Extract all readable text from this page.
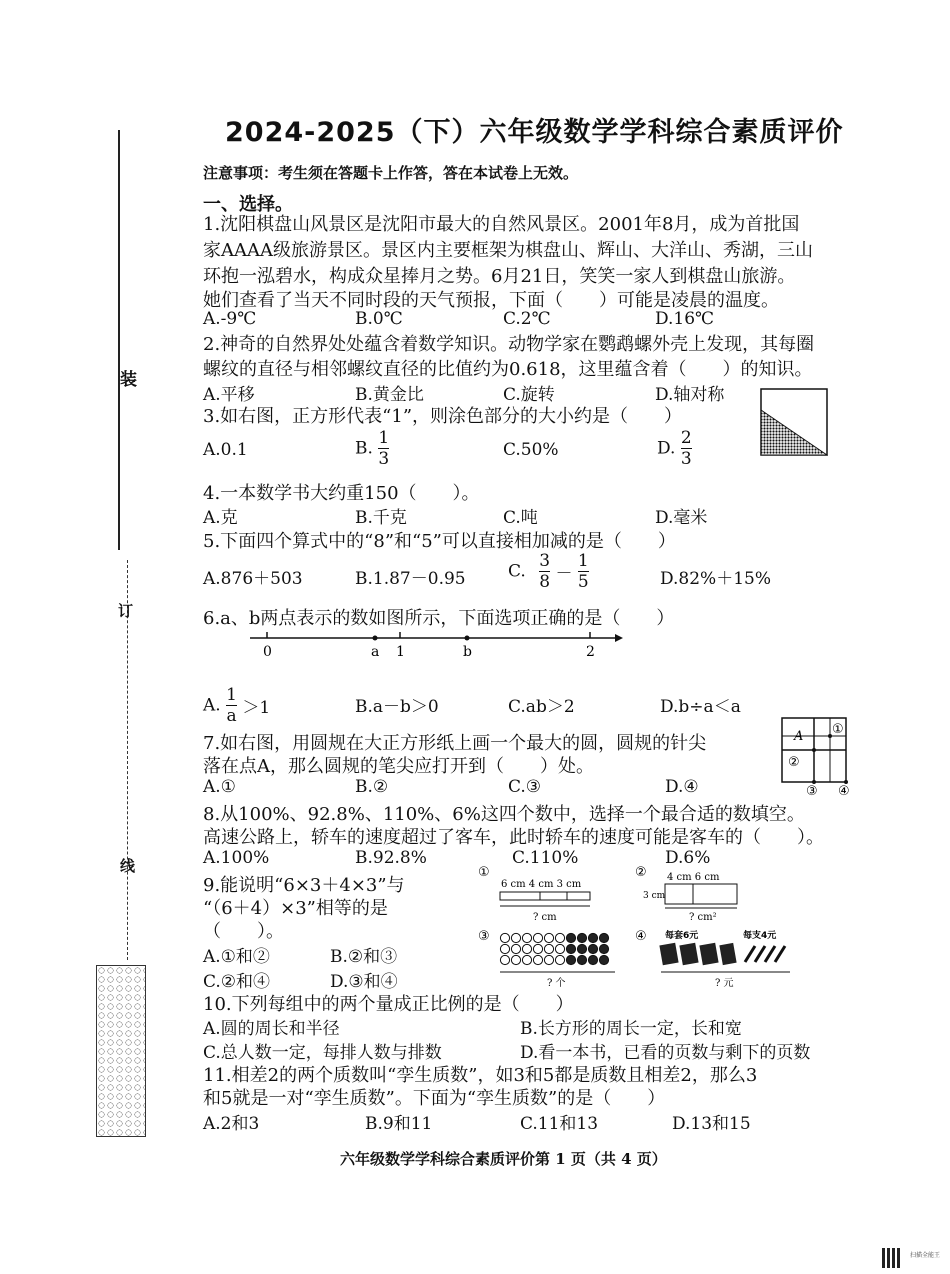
装
订
线
2024-2025（下）六年级数学学科综合素质评价
注意事项：考生须在答题卡上作答，答在本试卷上无效。
一、选择。
1.沈阳棋盘山风景区是沈阳市最大的自然风景区。2001年8月，成为首批国
家AAAA级旅游景区。景区内主要框架为棋盘山、辉山、大洋山、秀湖，三山
环抱一泓碧水，构成众星捧月之势。6月21日，笑笑一家人到棋盘山旅游。
她们查看了当天不同时段的天气预报，下面（　　）可能是凌晨的温度。
A.-9℃	B.0℃	C.2℃	D.16℃
2.神奇的自然界处处蕴含着数学知识。动物学家在鹦鹉螺外壳上发现，其每圈
螺纹的直径与相邻螺纹直径的比值约为0.618，这里蕴含着（　　）的知识。
A.平移	B.黄金比	C.旋转	D.轴对称
3.如右图，正方形代表“1”，则涂色部分的大小约是（　　）
A.0.1	B. $\frac{1}{3}$	C.50%	D. $\frac{2}{3}$
4.一本数学书大约重150（　　）。
A.克	B.千克	C.吨	D.毫米
5.下面四个算式中的“8”和“5”可以直接相加减的是（　　）
A.876＋503	B.1.87－0.95 C. $\frac{3}{8} - \frac{1}{5}$	D.82%＋15%
6.a、b两点表示的数如图所示，下面选项正确的是（　　）
0	a 1	b	2
A. $\frac{1}{a} >1$	B.a－b＞0	C.ab＞2	D.b÷a＜a
7.如右图，用圆规在大正方形纸上画一个最大的圆，圆规的针尖
落在点A，那么圆规的笔尖应打开到（　　）处。
A ①
②
③ ④
A.①	B.②	C.③	D.④
8.从100%、92.8%、110%、6%这四个数中，选择一个最合适的数填空。
高速公路上，轿车的速度超过了客车，此时轿车的速度可能是客车的（　　）。
A.100%	B.92.8%	C.110%	D.6%
9.能说明“6×3＋4×3”与
“（6＋4）×3”相等的是
（　　）。
A.①和②	B.②和③
C.②和④	D.③和④
①
6 cm 4 cm 3 cm
? cm
② 4 cm 6 cm
3 cm
? cm²
③
? 个
④ 每套6元	每支4元
? 元
10.下列每组中的两个量成正比例的是（　　）
A.圆的周长和半径	B.长方形的周长一定，长和宽
C.总人数一定，每排人数与排数	D.看一本书，已看的页数与剩下的页数
11.相差2的两个质数叫“孪生质数”，如3和5都是质数且相差2，那么3
和5就是一对“孪生质数”。下面为“孪生质数”的是（　　）
A.2和3	B.9和11	C.11和13	D.13和15
六年级数学学科综合素质评价第 1 页（共 4 页）
扫描全能王
